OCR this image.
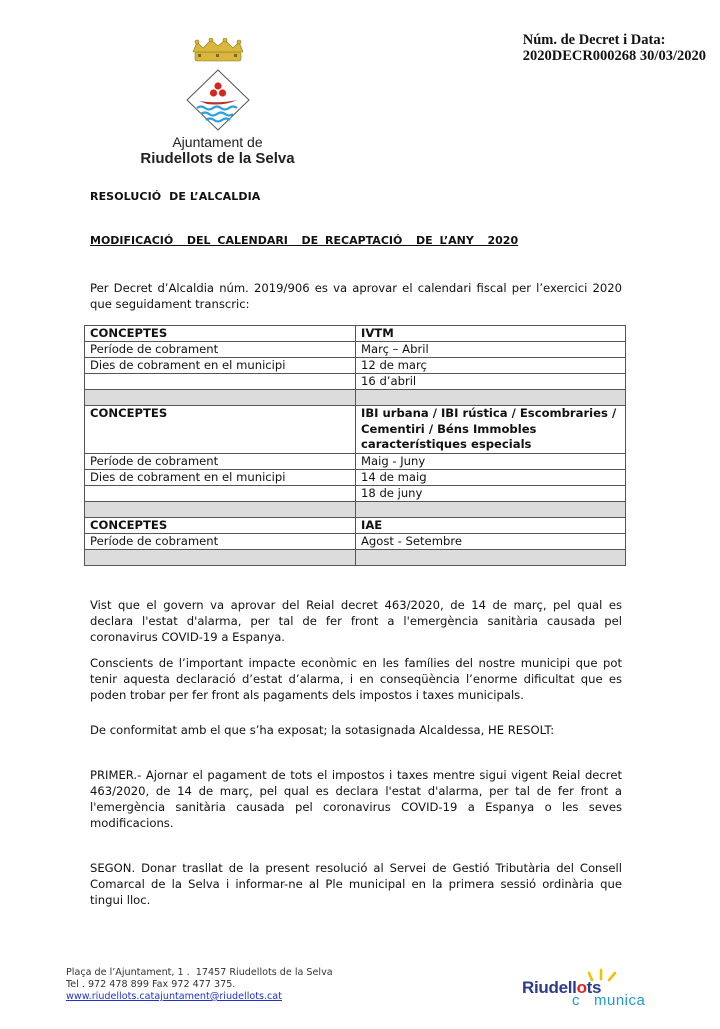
Ajuntament de
Riudellots de la Selva
Núm. de Decret i Data:
2020DECR000268 30/03/2020
RESOLUCIÓ  DE L’ALCALDIA
MODIFICACIÓ  DEL CALENDARI  DE RECAPTACIÓ  DE L’ANY  2020
Per Decret d’Alcaldia núm. 2019/906 es va aprovar el calendari fiscal per l’exercici 2020 que seguidament transcric:
CONCEPTES	IVTM
Període de cobrament	Març – Abril
Dies de cobrament en el municipi	12 de març
	16 d’abril

CONCEPTES	IBI urbana / IBI rústica / Escombraries / Cementiri / Béns Immobles característiques especials
Període de cobrament	Maig - Juny
Dies de cobrament en el municipi	14 de maig
	18 de juny

CONCEPTES	IAE
Període de cobrament	Agost - Setembre

Vist que el govern va aprovar del Reial decret 463/2020, de 14 de març, pel qual es declara l'estat d'alarma, per tal de fer front a l'emergència sanitària causada pel coronavirus COVID-19 a Espanya.
Conscients de l’important impacte econòmic en les famílies del nostre municipi que pot tenir aquesta declaració d’estat d’alarma, i en conseqüència l’enorme dificultat que es poden trobar per fer front als pagaments dels impostos i taxes municipals.
De conformitat amb el que s’ha exposat; la sotasignada Alcaldessa, HE RESOLT:
PRIMER.- Ajornar el pagament de tots el impostos i taxes mentre sigui vigent Reial decret 463/2020, de 14 de març, pel qual es declara l'estat d'alarma, per tal de fer front a l'emergència sanitària causada pel coronavirus COVID-19 a Espanya o les seves modificacions.
SEGON. Donar trasllat de la present resolució al Servei de Gestió Tributària del Consell Comarcal de la Selva i informar-ne al Ple municipal en la primera sessió ordinària que tingui lloc.
Plaça de l’Ajuntament, 1 .  17457 Riudellots de la Selva
Tel . 972 478 899 Fax 972 477 375.
www.riudellots.catajuntament@riudellots.cat	Riudellots
c   munica
